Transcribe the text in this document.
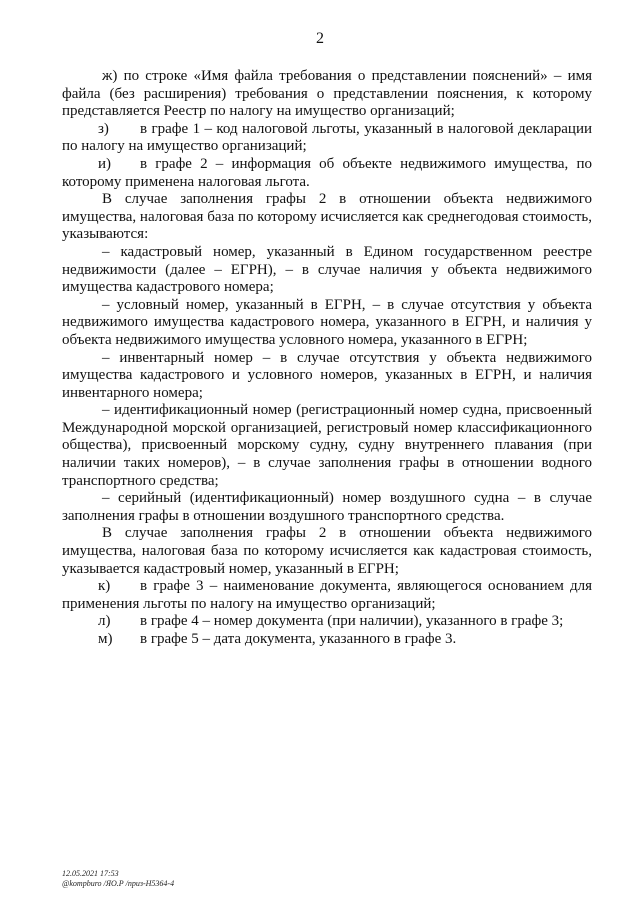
2

ж) по строке «Имя файла требования о представлении пояснений» – имя файла (без расширения) требования о представлении пояснения, к которому представляется Реестр по налогу на имущество организаций;

з) в графе 1 – код налоговой льготы, указанный в налоговой декларации по налогу на имущество организаций;

и) в графе 2 – информация об объекте недвижимого имущества, по которому применена налоговая льгота.

В случае заполнения графы 2 в отношении объекта недвижимого имущества, налоговая база по которому исчисляется как среднегодовая стоимость, указываются:

– кадастровый номер, указанный в Едином государственном реестре недвижимости (далее – ЕГРН), – в случае наличия у объекта недвижимого имущества кадастрового номера;

– условный номер, указанный в ЕГРН, – в случае отсутствия у объекта недвижимого имущества кадастрового номера, указанного в ЕГРН, и наличия у объекта недвижимого имущества условного номера, указанного в ЕГРН;

– инвентарный номер – в случае отсутствия у объекта недвижимого имущества кадастрового и условного номеров, указанных в ЕГРН, и наличия инвентарного номера;

– идентификационный номер (регистрационный номер судна, присвоенный Международной морской организацией, регистровый номер классификационного общества), присвоенный морскому судну, судну внутреннего плавания (при наличии таких номеров), – в случае заполнения графы в отношении водного транспортного средства;

– серийный (идентификационный) номер воздушного судна – в случае заполнения графы в отношении воздушного транспортного средства.

В случае заполнения графы 2 в отношении объекта недвижимого имущества, налоговая база по которому исчисляется как кадастровая стоимость, указывается кадастровый номер, указанный в ЕГРН;

к) в графе 3 – наименование документа, являющегося основанием для применения льготы по налогу на имущество организаций;

л) в графе 4 – номер документа (при наличии), указанного в графе 3;

м) в графе 5 – дата документа, указанного в графе 3.

12.05.2021 17:53
@kompburo /ЯО.Р /приз-Н5364-4
